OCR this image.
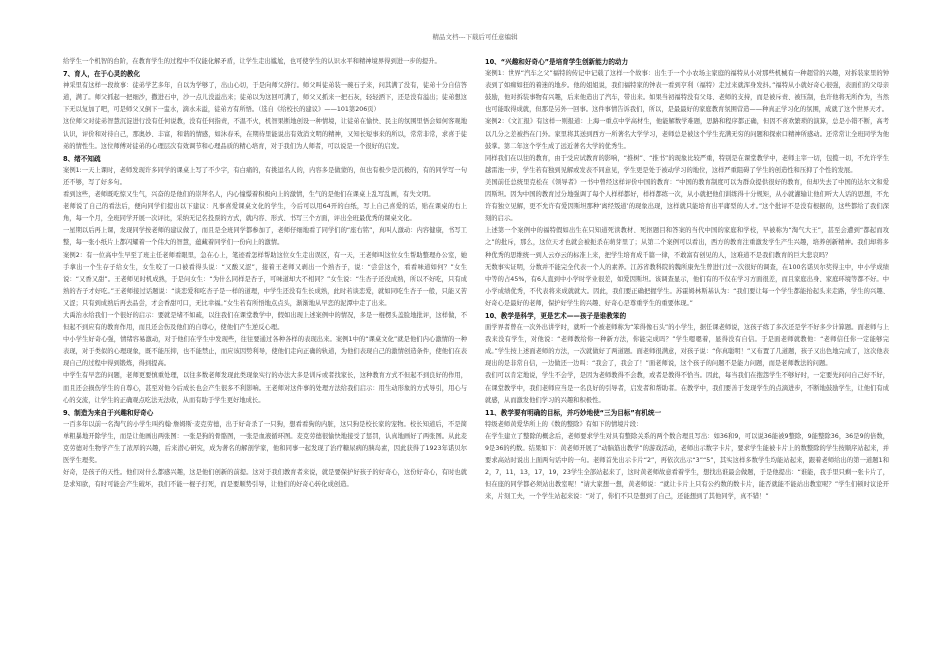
精品文档---下载后可任意编辑

给学生一个机智的台阶，在教育学生的过程中不仅能化解矛盾，让学生走出尴尬，也可使学生的认识水平和精神境界得到进一步的提升。

7、育人，在于心灵的教化

神采里有这样一段故事：徒弟学艺多年，自以为学够了，出山心切，于是向师父辞行。师父叫徒弟装一碗石子来，问其满了没有，徒弟十分自信答道，满了。师父抓起一把细沙，撒进石中，沙一点儿没溢出来；徒弟以为这回可满了，师父又抓来一把石灰，轻轻洒下，还是没有溢出；徒弟想这下无以复加了吧，可是师父又倒下一盅水，滴水未溢，徒弟方有所悟。（选自《给校长的建议》——101第206页）

这位师父对徒弟智慧沉淀进行没有任何说教，没有任何指责，不温不火，机智果断地创设一种情境，让徒弟在愉快、民主的氛围里悟会如何客观地认识，评价和对待自己，那奥妙、丰富，和谐的情感，如沐春禾，在期待里能说出有效消文明的精神，又知长短事来的所以，常常非常，求喜于徒弟的情性生。这位师傅对徒弟的心理层次有效调节和心理品质的精心培育，对于我们为人师者，可以说是一个很好的启发。

8、绪不知疏

案例1:一天上课时，老师发现许多同学的课桌上写了不少字，有白痛的，有挑逗名人的，内容多是做蒙的，但也有极少是沉极的，有的同学写一句还不够，写了好多句。

看到这些，老师既吃惊又生气，兴奋的是他们的崇拜名人，内心憧憬着积极向上的激情，生气的是他们在课桌上乱写乱画，有失文明。

老师说了自己的看法后，便向同学们提出以下建议：凡事喜爱课桌文化的学生，今后可以用64开的白纸，写上自己喜爱的话，贴在课桌的右上角，每一个月，全班同学开展一次评比，采纳无记名投票的方式，就内容、形式、书写三个方面，评出全班最优秀的课桌文化。

一星期以后再上课，发现同学按老师的建议做了，而且是全班同学都参加了，老师仔细地看了同学们的“座右铭”，真叫人激动：内容健康，书写工整，每一张小纸片上都闪耀着一个伟大的智慧，蕴藏着同学们一份向上的激情。

案例2：有一位高中生早至了班主任老师看眼里，急在心上，笔迹看怎样帮助这位女生走出误区，有一天，王老师叫这位女生帮助整理办公室，她手拿出一个生存子给女生，女生咬了一口被看得头说：“又酸又涩”，接着王老师又剥出一个熟杏子，说：“尝尝这个，看看味道如何？”女生说：“又香又甜”。王老师见时机成熟，于是问女生：“为什么同样是杏子，可味道却大不相同？”女生说：“生杏子还没成熟，所以不好吃，只有成熟的杏子才好吃。”王老师接过话题说：“谈恋爱和吃杏子是一样的道理，中学生还没有生长成熟，此时若谈恋爱，就如同吃生杏子一般，只能又苦又涩；只有到成熟后再去品尝，才会香甜可口，无比幸福。”女生若有所悟地点点头，渐渐地从早恋的泥潭中走了出来。

大禹治水给我们一个很好的启示：要就是堵不如疏，以往我们在课堂教学中，假如出现上述案例中的情况，多是一棍楞头盖脸地批评，这样做，不但起不到应有的教育作用，而且还会伤及他们的自尊心，使他们产生逆反心理。

中小学生好奇心强，情绪容易激动，对于他们在学生中发现些，往往要通过各种各样的表现出来。案例1中的“课桌文化”就是他们内心激情的一种表现，对于类似的心理现象，既不能压抑，也不能禁止，而应该因势利导，使他们走向正确的轨道，为他们表现自己的激情创造条件，使他们在表现自己的过程中得到锻炼，得到提高。

中学生有早恋的问题，老师更要慎重处理，以往多数老师发现此类现象实行的办法大多是训斥或者找家长，这种教育方式不但起不到良好的作用，而且还会损伤学生的自尊心，甚至对他今后成长也会产生很多不利影响。王老师对这件事的处理方法给我们启示：用生动形象的方式导引，用心与心的交流，让学生的正确观点吃法无法收，从而有助于学生更好地成长。

9、制造为来自于兴趣和好奇心

一百多年以前一名淘气的小学生叫约翰·詹姆斯·麦克劳德，出于好奇杀了一只狗，想看看狗的内脏，这只狗是校长家的宠物。校长知道后，不是简单粗暴地开除学生，而是让他画出两张图：一张是狗的骨骼图，一张是血液循环图。麦克劳德很愉快地接受了惩罚，认真地画好了两张图。从此麦克劳德对生物学产生了浓厚的兴趣，后来潜心研究，成为著名的解剖学家，他和同事一起发现了治疗糖尿病的胰岛素，因此获得了1923年诺贝尔医学生理奖。

好奇，是孩子的天性。他们对什么都感兴趣，这是他们创新的前提。这对于我们教育者来说，就是要保护好孩子的好奇心，这份好奇心，有时也就是求知欲，有时可能会产生破坏，我们不能一棍子打死，而是要顺势引导，让他们的好奇心转化成创造。

10、“兴趣和好奇心”是培育学生创新能力的动力

案例1：世界“汽车之父”福特的传记中记载了这样一个故事：出生于一个小农场主家庭的福特从小对那些机械有一种超常的兴趣，对拆装家里的钟表到了如痴如狂的着迷的地步。他的姐姐说，我们福特家的钟表一看到亨利（福特）走过来就浑身发抖。”福特从小就好奇心很强，表面们的父母亲鼓励，他对拆装事物有兴趣，后来他造出了汽车，带出来。如果当初福特没有父母、老师的支持，而是被斥责、被压制，也许他将无所作为，当然也可能取得成就，但那是另外一回事。这件事情告诉我们，所以，是最最好的家庭教育氛围营造——种真正学习化的氛围，成就了这个世界天才。

案例2：《文汇报》有这样一则报道：上海一重点中学高材生，他能解数学难题，思路和程序都正确，但因不喜欢繁琐的演算，总是小错不断，高考以几分之差被挡在门外。家里将其送到西方一所著名大学学习，老师总是被这个学生充满无穷的问题和探索口精神所感动。还常常让全班同学为他鼓掌。第二年这个学生成了远近著名大学的优秀生。

同样我们在以往的教育，由于受应试教育的影响，“推树”、“推书”的现象比较严重，特别是在课堂教学中，老师主宰一切，包揽一切，不允许学生越雷池一步，学生若有独到见解或发表不同意见，学生更是处于被动学习的地位，这样严重阻碍了学生的创造性和压抑了个性的发展。

美国前任总统里克松在《领导者》一书中曾经这样评价中国的教育：“中国的教育制度可以为群众提供很好的教育，但却失去了中国的达尔文和爱因斯坦。因为中国的教育过分地强调了每个人样样都好，样样都练一次，从小就把他们训练得十分规矩，从小就灌输让他们听大人话的思想，不允许有独立见解，更不允许有爱因斯坦那种‘离经叛道’的现象出现，这样就只能培育出平庸型的人才。”这个批评不是没有根据的，这些都给了我们深刻的启示。

上述第一个案例中的福特假如出生在只知道死读教材、死抠题目和答案的当代中国的家庭和学校，早被称为“淘气大王”，甚至会遭到“都起而攻之”的批斥，那么，这位天才也就会被扼杀在萌芽里了；从第二个案例可以看出，西方的教育注重激发学生产生兴趣，培养创新精神。我们却将多种优秀的思维统一到人云亦云的标准上来，把学生培育成千篇一律，不敢富有创见的人，这难道不是我们教育的巨大悲哀吗？

无数事实证明，分数并不能完全代表一个人的素养。江苏省教科院的魏所康先生曾进行过一次很好的调查，在100名诺贝尔奖得主中，中小学成绩中等的占45%，有6人直到中小学时学业很差，如爱因斯坦。该调查显示，他们有的不仅在学习方面很差，而且家庭出身、家庭环境等都不好。中小学成绩优秀，不代表将来成就就大。因此，我们要正确把握学生。苏霍姆林斯基认为：“我们要让每一个学生都能抬起头来走路，学生的兴趣、好奇心是最好的老师，保护好学生的兴趣、好奇心是尊重学生的重要体现。”

10、教学是科学，更是艺术——孩子是谁教笨的

面学界者曾在一次外出讲学时，就听一个被老师称为“笨得像石头”的小学生，据任课老师说，这孩子练了多次还是学不好多少计算题。面老师与上我来没有学生，对他说：“老师教给你一种新方法，你能完成吗？”学生嗯嗯着，显得没有自信。于是面老师就教他：“老师信任你一定能够完成。”学生按上述面老师的方法，一次就做好了两道题。面老师很满意，对孩子说：“你真聪明！”又布置了几道题，孩子又出色地完成了，这次他表现出的是非常自信，一边做还一边叫：“我会了，我会了！”面老师说，这个孩子的问题不是能力问题，而是老师教法的问题。

我们可以肯定地说，学生不会学，是因为老师教得不会教，或者是教得不恰当。因此，每当我们在抱怨学生不够好时，一定要先问问自己好不好，在课堂教学中，我们老师应当是一名良好的引导者，启发者和帮助者。在教学中，我们要善于发现学生的点滴进步，不断地鼓励学生，让他们有成就感，从而激发他们学习的兴趣和积极性。

11、教学要有明确的目标，并巧妙地使“三为目标”有机统一

特级老师黄爱华所上的《数的整除》有如下的情境片段：

在学生建立了整除的概念后，老师要求学生对具有整除关系的两个数合理且写出：如36和9，可以说36能被9整除，9能整除36，36是9的倍数，9是36的约数。结果如下：黄老师开展了“动脑筋出教学”的游戏活动，老师出示数字卡片，要求学生能被卡片上的数整除的学生按顺序站起来，并要求高站时说出上面两句话中的一句。老师首先出示卡片“2”，再依次出示“3”“5”，其实这样多数学生均能站起来，跟着老师给出的第一道题1和2，7，11，13，17，19，23学生全部站起来了，这时黄老师故意看着学生，想找出谁最会做题，于是他提出：“谁能，我手里只剩一张卡片了，但在座的同学都必须站出教室呢！”请大家想一想，黄老师说：“就让卡片上只有公约数的数卡片，能否就能不能站出教室呢？”学生们顿时议论开来，片刻工夫，一个学生站起来说：“对了，你们不只是想到了自己，还能想到了其他同学，真不错！”
